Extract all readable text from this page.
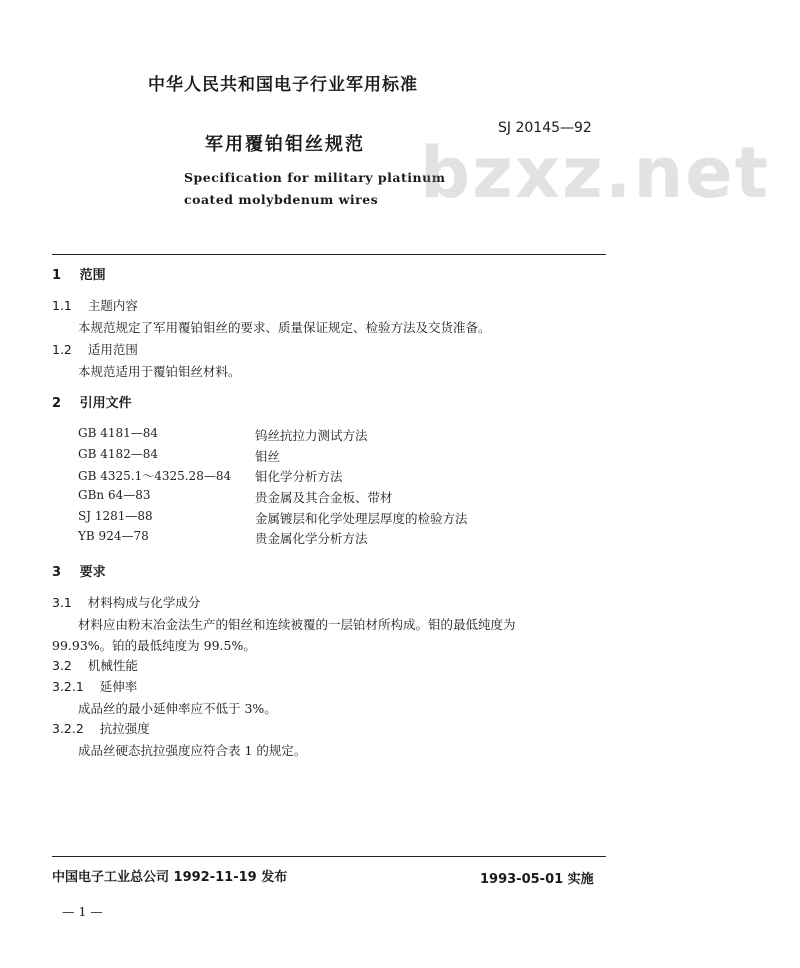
中华人民共和国电子行业军用标准
SJ 20145—92
军用覆铂钼丝规范
Specification for military platinum
coated molybdenum wires bzxz.net
1 范围
1.1 主题内容
本规范规定了军用覆铂钼丝的要求、质量保证规定、检验方法及交货准备。
1.2 适用范围
本规范适用于覆铂钼丝材料。
2 引用文件
GB 4181—84	钨丝抗拉力测试方法
GB 4182—84	钼丝
GB 4325.1～4325.28—84 钼化学分析方法
GBn 64—83	贵金属及其合金板、带材
SJ 1281—88	金属镀层和化学处理层厚度的检验方法
YB 924—78	贵金属化学分析方法
3 要求
3.1 材料构成与化学成分
材料应由粉末冶金法生产的钼丝和连续被覆的一层铂材所构成。钼的最低纯度为
99.93%。铂的最低纯度为 99.5%。
3.2 机械性能
3.2.1 延伸率
成品丝的最小延伸率应不低于 3%。
3.2.2 抗拉强度
成品丝硬态抗拉强度应符合表 1 的规定。
中国电子工业总公司 1992-11-19 发布	1993-05-01 实施
— 1 —
